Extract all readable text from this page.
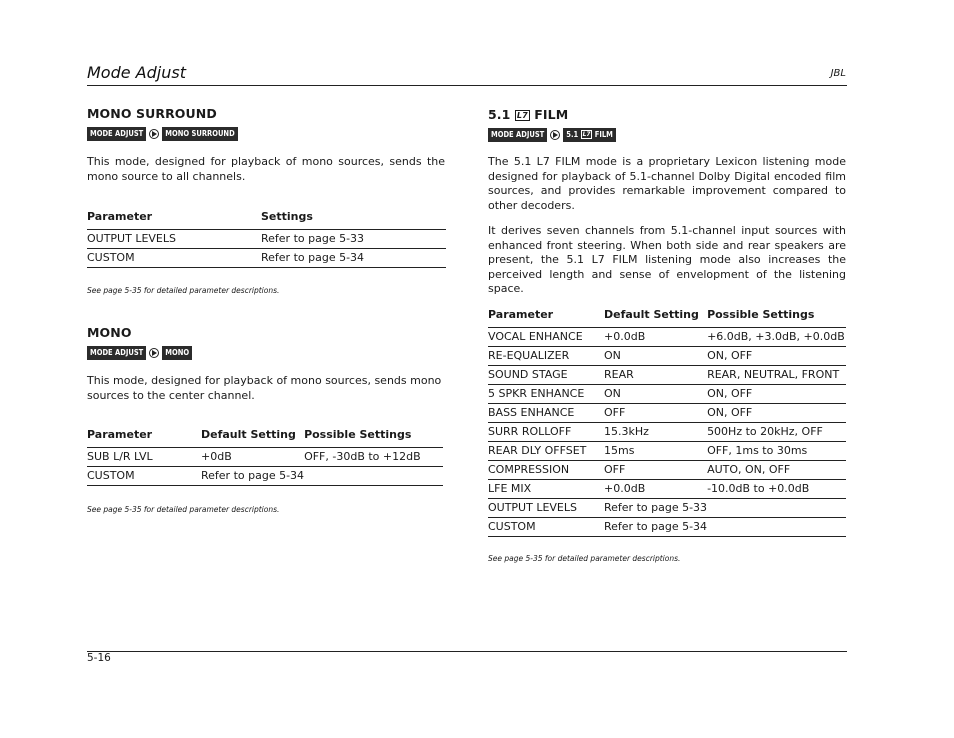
Mode Adjust	JBL
MONO SURROUND
MODE ADJUST	MONO SURROUND
This mode, designed for playback of mono sources, sends the mono source to all channels.
Parameter	Settings
OUTPUT LEVELS	Refer to page 5-33
CUSTOM	Refer to page 5-34
See page 5-35 for detailed parameter descriptions.
MONO
MODE ADJUST	MONO
This mode, designed for playback of mono sources, sends mono sources to the center channel.
Parameter	Default Setting	Possible Settings
SUB L/R LVL	+0dB	OFF, -30dB to +12dB
CUSTOM	Refer to page 5-34	
See page 5-35 for detailed parameter descriptions.
5.1 L7 FILM
MODE ADJUST	5.1 L7 FILM
The 5.1 L7 FILM mode is a proprietary Lexicon listening mode designed for playback of 5.1-channel Dolby Digital encoded film sources, and provides remarkable improvement compared to other decoders.
It derives seven channels from 5.1-channel input sources with enhanced front steering. When both side and rear speakers are present, the 5.1 L7 FILM listening mode also increases the perceived length and sense of envelopment of the listening space.
Parameter	Default Setting	Possible Settings
VOCAL ENHANCE	+0.0dB	+6.0dB, +3.0dB, +0.0dB
RE-EQUALIZER	ON	ON, OFF
SOUND STAGE	REAR	REAR, NEUTRAL, FRONT
5 SPKR ENHANCE	ON	ON, OFF
BASS ENHANCE	OFF	ON, OFF
SURR ROLLOFF	15.3kHz	500Hz to 20kHz, OFF
REAR DLY OFFSET	15ms	OFF, 1ms to 30ms
COMPRESSION	OFF	AUTO, ON, OFF
LFE MIX	+0.0dB	-10.0dB to +0.0dB
OUTPUT LEVELS	Refer to page 5-33	
CUSTOM	Refer to page 5-34	
See page 5-35 for detailed parameter descriptions.
5-16
